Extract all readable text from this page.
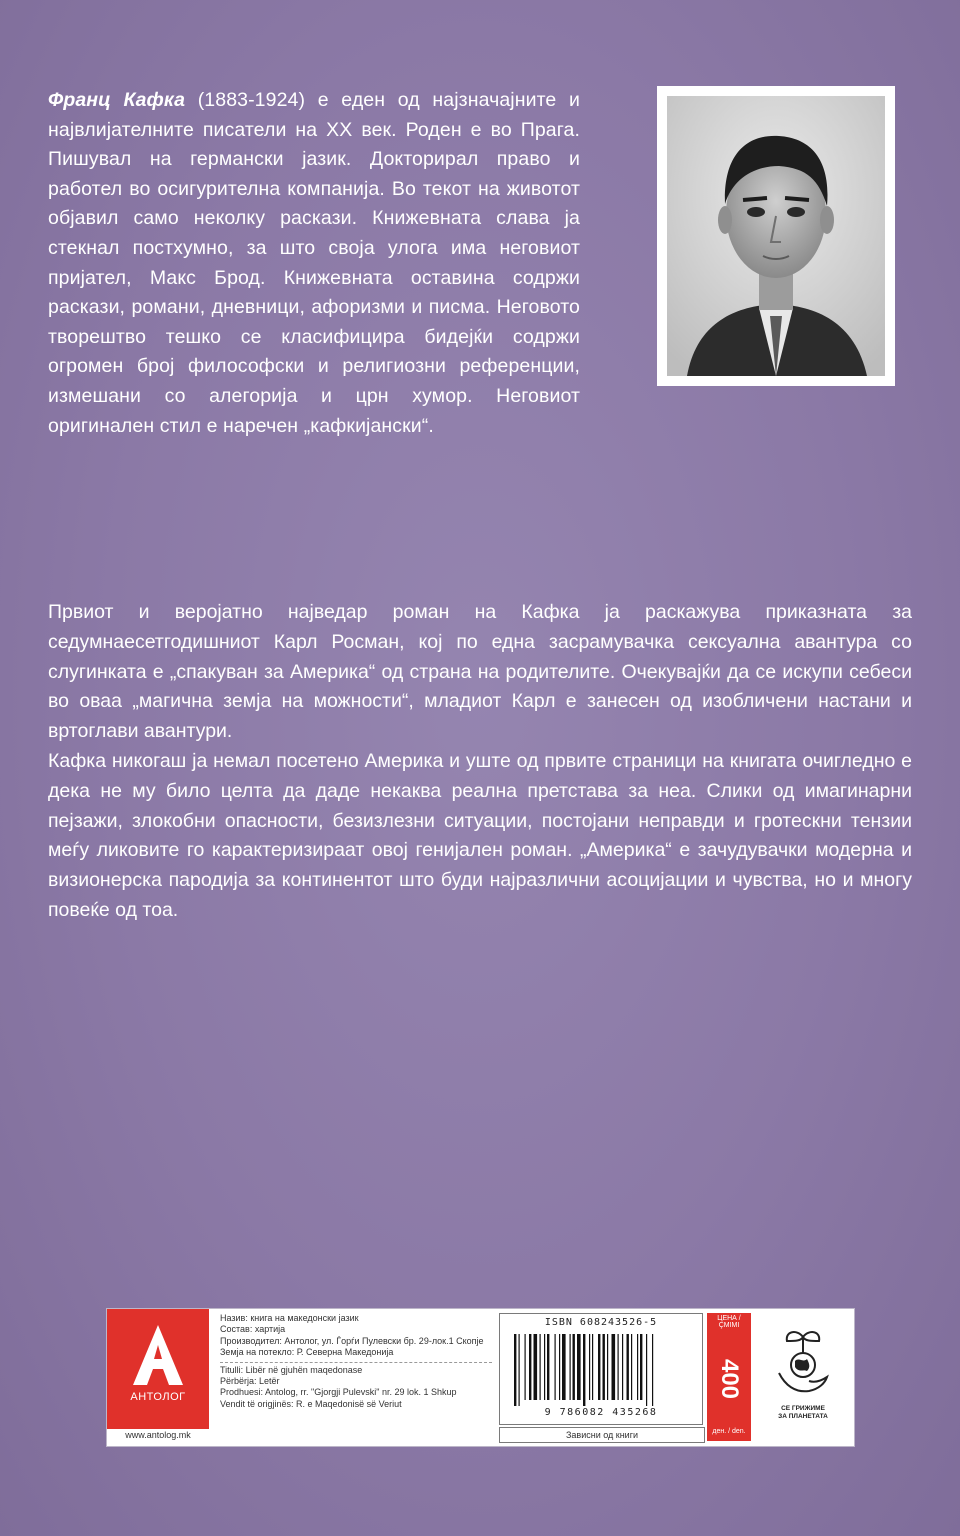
Франц Кафка (1883-1924) е еден од најзначајните и највлијателните писатели на XX век. Роден е во Прага. Пишувал на германски јазик. Докторирал право и работел во осигурителна компанија. Во текот на животот објавил само неколку раскази. Книжевната слава ја стекнал постхумно, за што своја улога има неговиот пријател, Макс Брод. Книжевната оставина содржи раскази, романи, дневници, афоризми и писма. Неговото творештво тешко се класифицира бидејќи содржи огромен број философски и религиозни референции, измешани со алегорија и црн хумор. Неговиот оригинален стил е наречен „кафкијански“.

Првиот и веројатно најведар роман на Кафка ја раскажува приказната за седумнаесетгодишниот Карл Росман, кој по една засрамувачка сексуална авантура со слугинката е „спакуван за Америка“ од страна на родителите. Очекувајќи да се искупи себеси во оваа „магична земја на можности“, младиот Карл е занесен од изобличени настани и вртоглави авантури.

Кафка никогаш ја немал посетено Америка и уште од првите страници на книгата очигледно е дека не му било целта да даде некаква реална претстава за неа. Слики од имагинарни пејзажи, злокобни опасности, безизлезни ситуации, постојани неправди и гротескни тензии меѓу ликовите го карактеризираат овој генијален роман. „Америка“ е зачудувачки модерна и визионерска пародија за континентот што буди најразлични асоцијации и чувства, но и многу повеќе од тоа.

АНТОЛОГ
www.antolog.mk
Назив: книга на македонски јазик
Состав: хартија
Производител: Антолог, ул. Ѓорѓи Пулевски бр. 29-лок.1 Скопје
Земја на потекло: Р. Северна Македонија
Titulli: Libër në gjuhën maqedonase
Përbërja: Letër
Prodhuesi: Antolog, rr. "Gjorgji Pulevski" nr. 29 lok. 1 Shkup
Vendit të origjinës: R. e Maqedonisë së Veriut
ISBN 608243526-5
9 786082 435268
Зависни од книги
ЦЕНА / ÇMIMI
400
ден. / den.
СЕ ГРИЖИМЕ
ЗА ПЛАНЕТАТА
